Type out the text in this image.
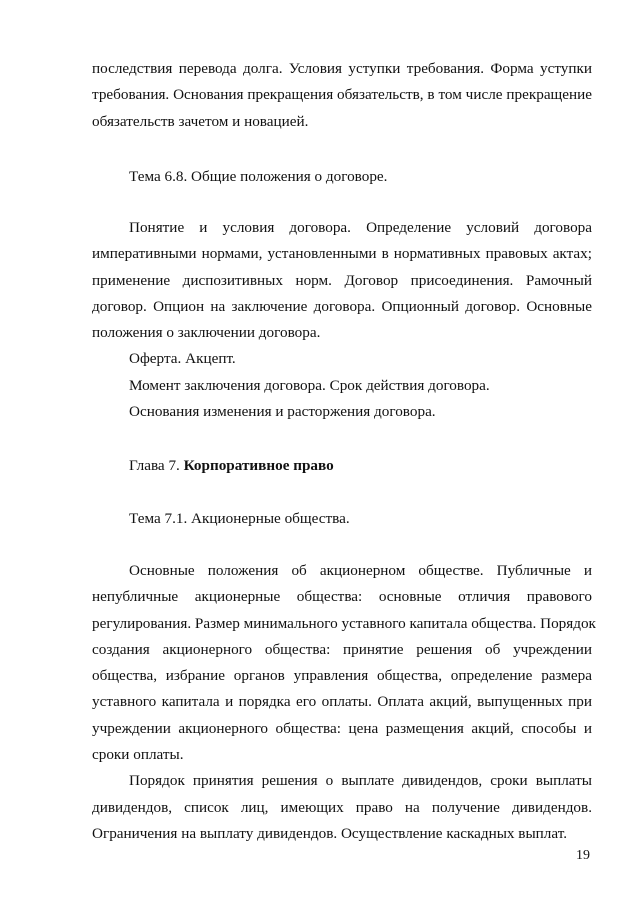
последствия перевода долга. Условия уступки требования. Форма уступки
требования. Основания прекращения обязательств, в том числе прекращение
обязательств зачетом и новацией.

Тема 6.8. Общие положения о договоре.

Понятие и условия договора. Определение условий договора
императивными нормами, установленными в нормативных правовых актах;
применение диспозитивных норм. Договор присоединения. Рамочный
договор. Опцион на заключение договора. Опционный договор. Основные
положения о заключении договора.
Оферта. Акцепт.
Момент заключения договора. Срок действия договора.
Основания изменения и расторжения договора.

Глава 7. Корпоративное право

Тема 7.1. Акционерные общества.

Основные положения об акционерном обществе. Публичные и
непубличные акционерные общества: основные отличия правового
регулирования. Размер минимального уставного капитала общества. Порядок
создания акционерного общества: принятие решения об учреждении
общества, избрание органов управления общества, определение размера
уставного капитала и порядка его оплаты. Оплата акций, выпущенных при
учреждении акционерного общества: цена размещения акций, способы и
сроки оплаты.
Порядок принятия решения о выплате дивидендов, сроки выплаты
дивидендов, список лиц, имеющих право на получение дивидендов.
Ограничения на выплату дивидендов. Осуществление каскадных выплат.
19
